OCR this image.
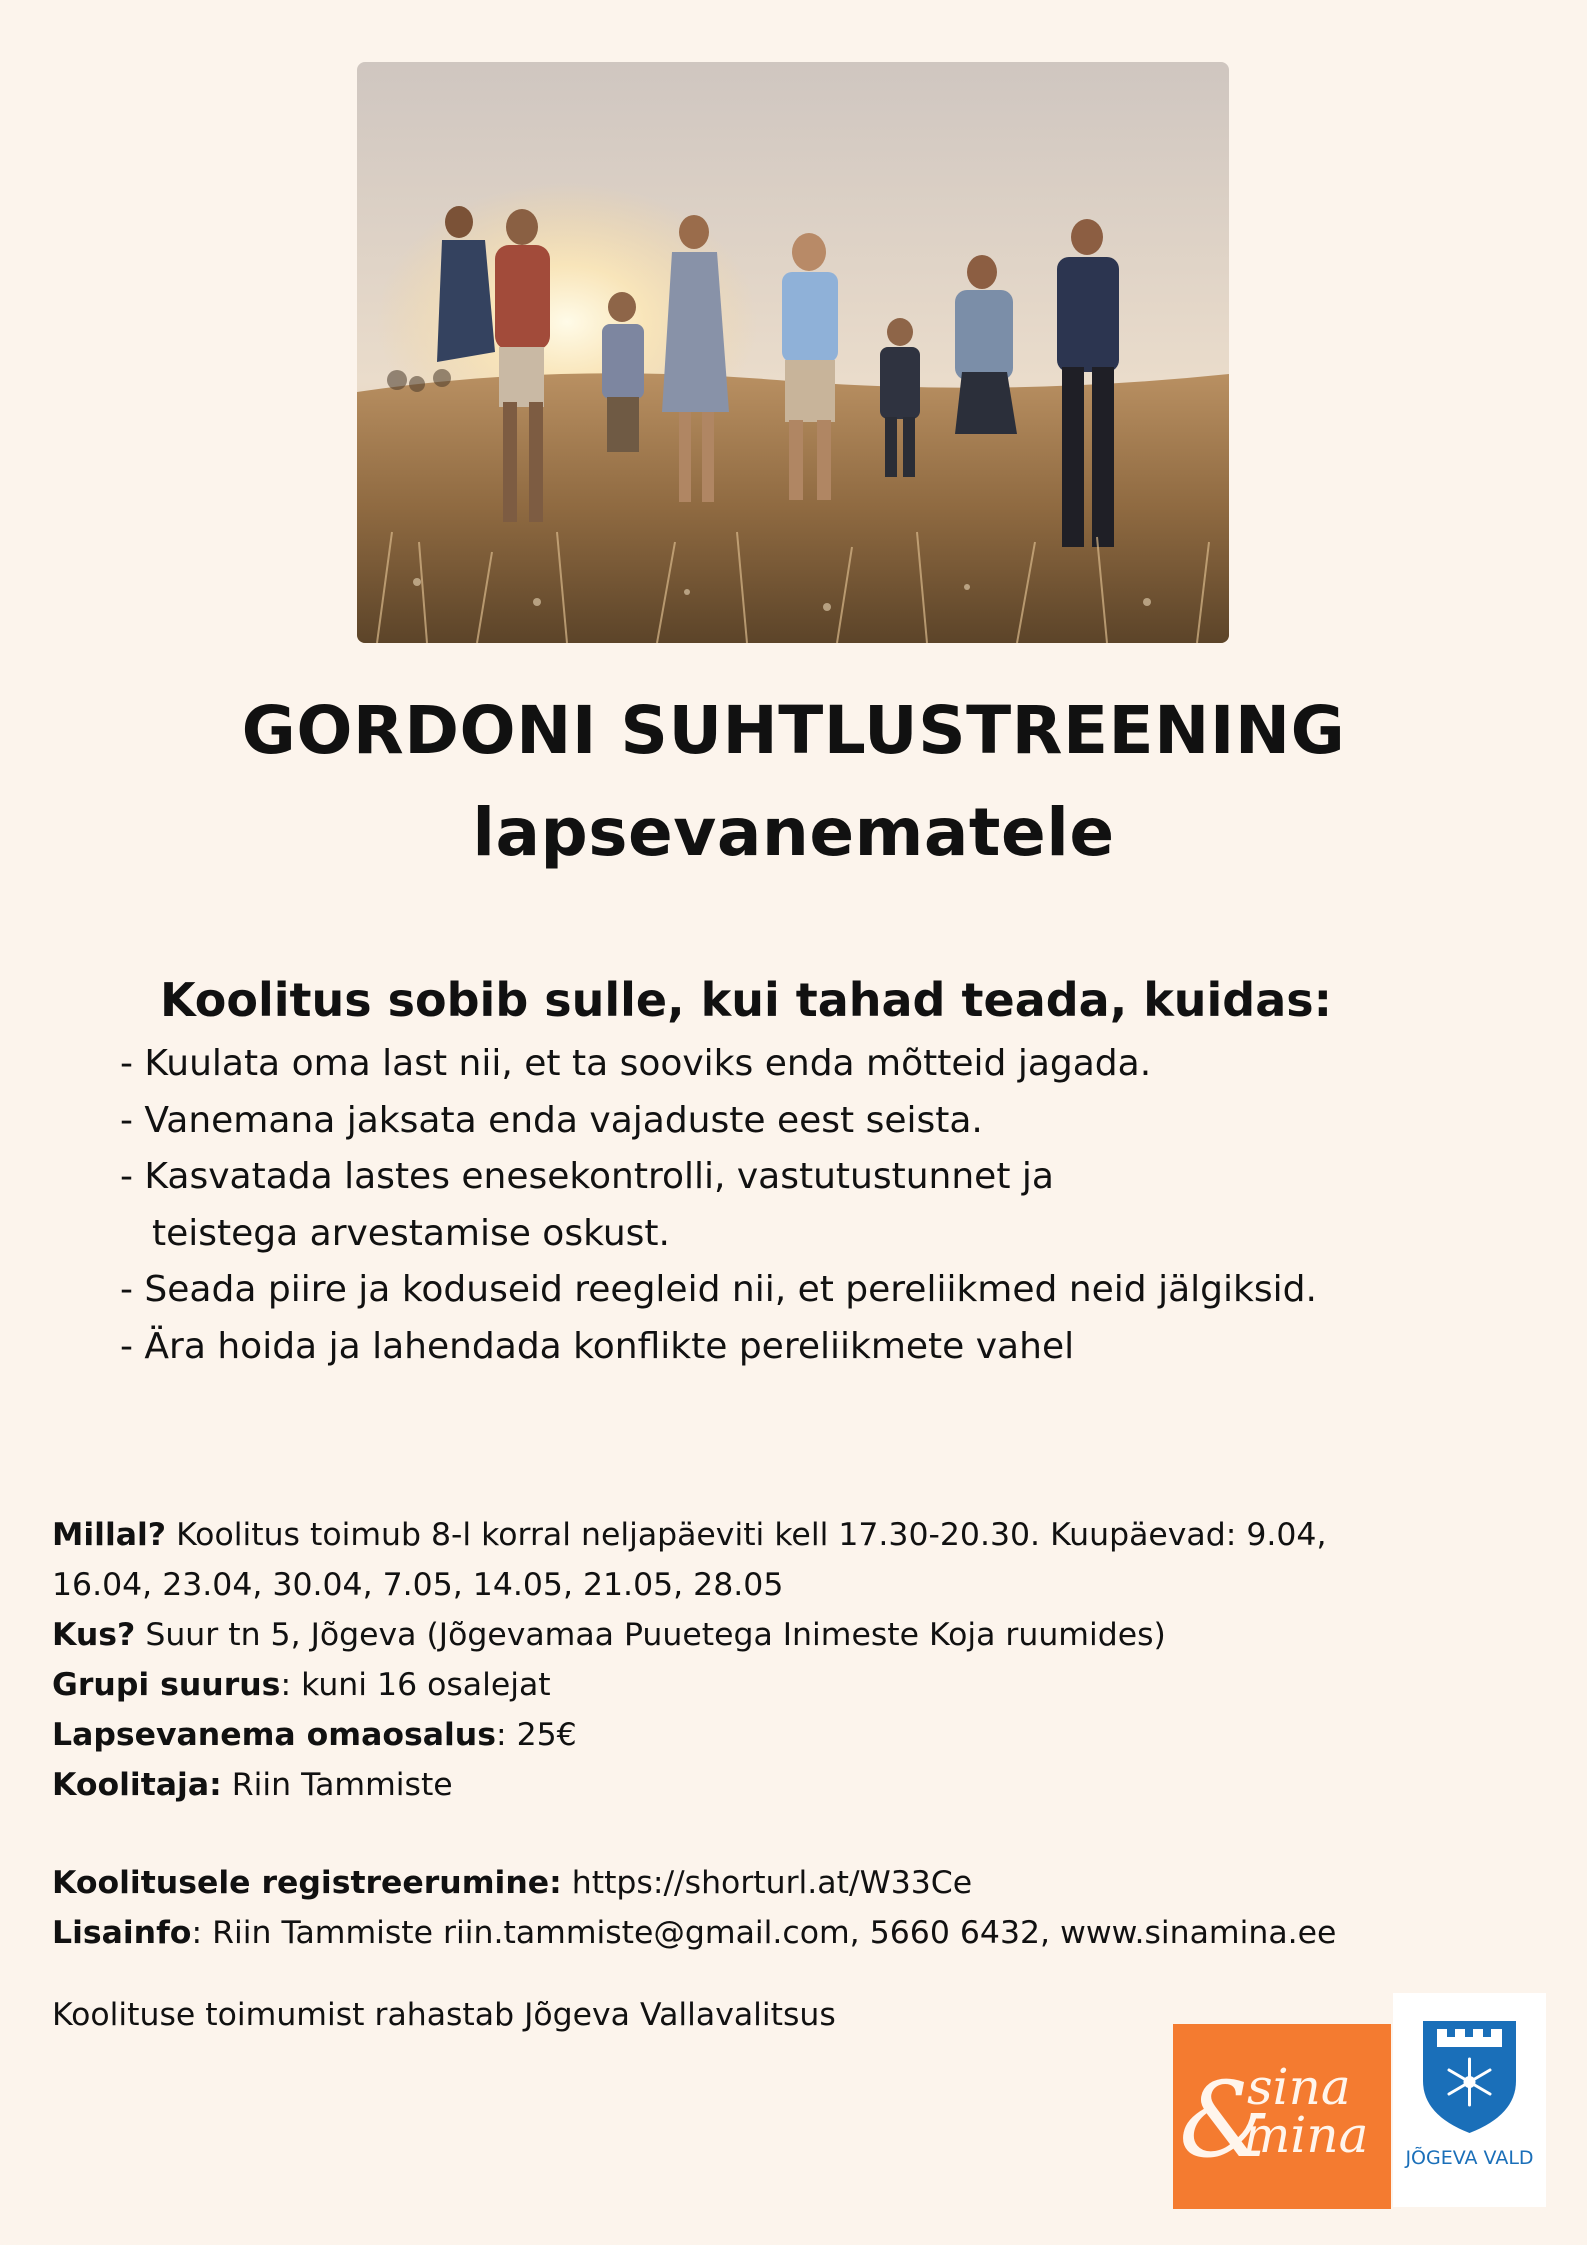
GORDONI SUHTLUSTREENING
lapsevanematele
Koolitus sobib sulle, kui tahad teada, kuidas:
- Kuulata oma last nii, et ta sooviks enda mõtteid jagada.
- Vanemana jaksata enda vajaduste eest seista.
- Kasvatada lastes enesekontrolli, vastutustunnet ja
teistega arvestamise oskust.
- Seada piire ja koduseid reegleid nii, et pereliikmed neid jälgiksid.
- Ära hoida ja lahendada konflikte pereliikmete vahel

Millal? Koolitus toimub 8-l korral neljapäeviti kell 17.30-20.30. Kuupäevad: 9.04,

16.04, 23.04, 30.04, 7.05, 14.05, 21.05, 28.05

Kus? Suur tn 5, Jõgeva (Jõgevamaa Puuetega Inimeste Koja ruumides)

Grupi suurus: kuni 16 osalejat

Lapsevanema omaosalus: 25€

Koolitaja: Riin Tammiste

Koolitusele registreerumine: https://shorturl.at/W33Ce

Lisainfo: Riin Tammiste riin.tammiste@gmail.com, 5660 6432, www.sinamina.ee

Koolituse toimumist rahastab Jõgeva Vallavalitsus

&
sina
mina	JÕGEVA VALD
